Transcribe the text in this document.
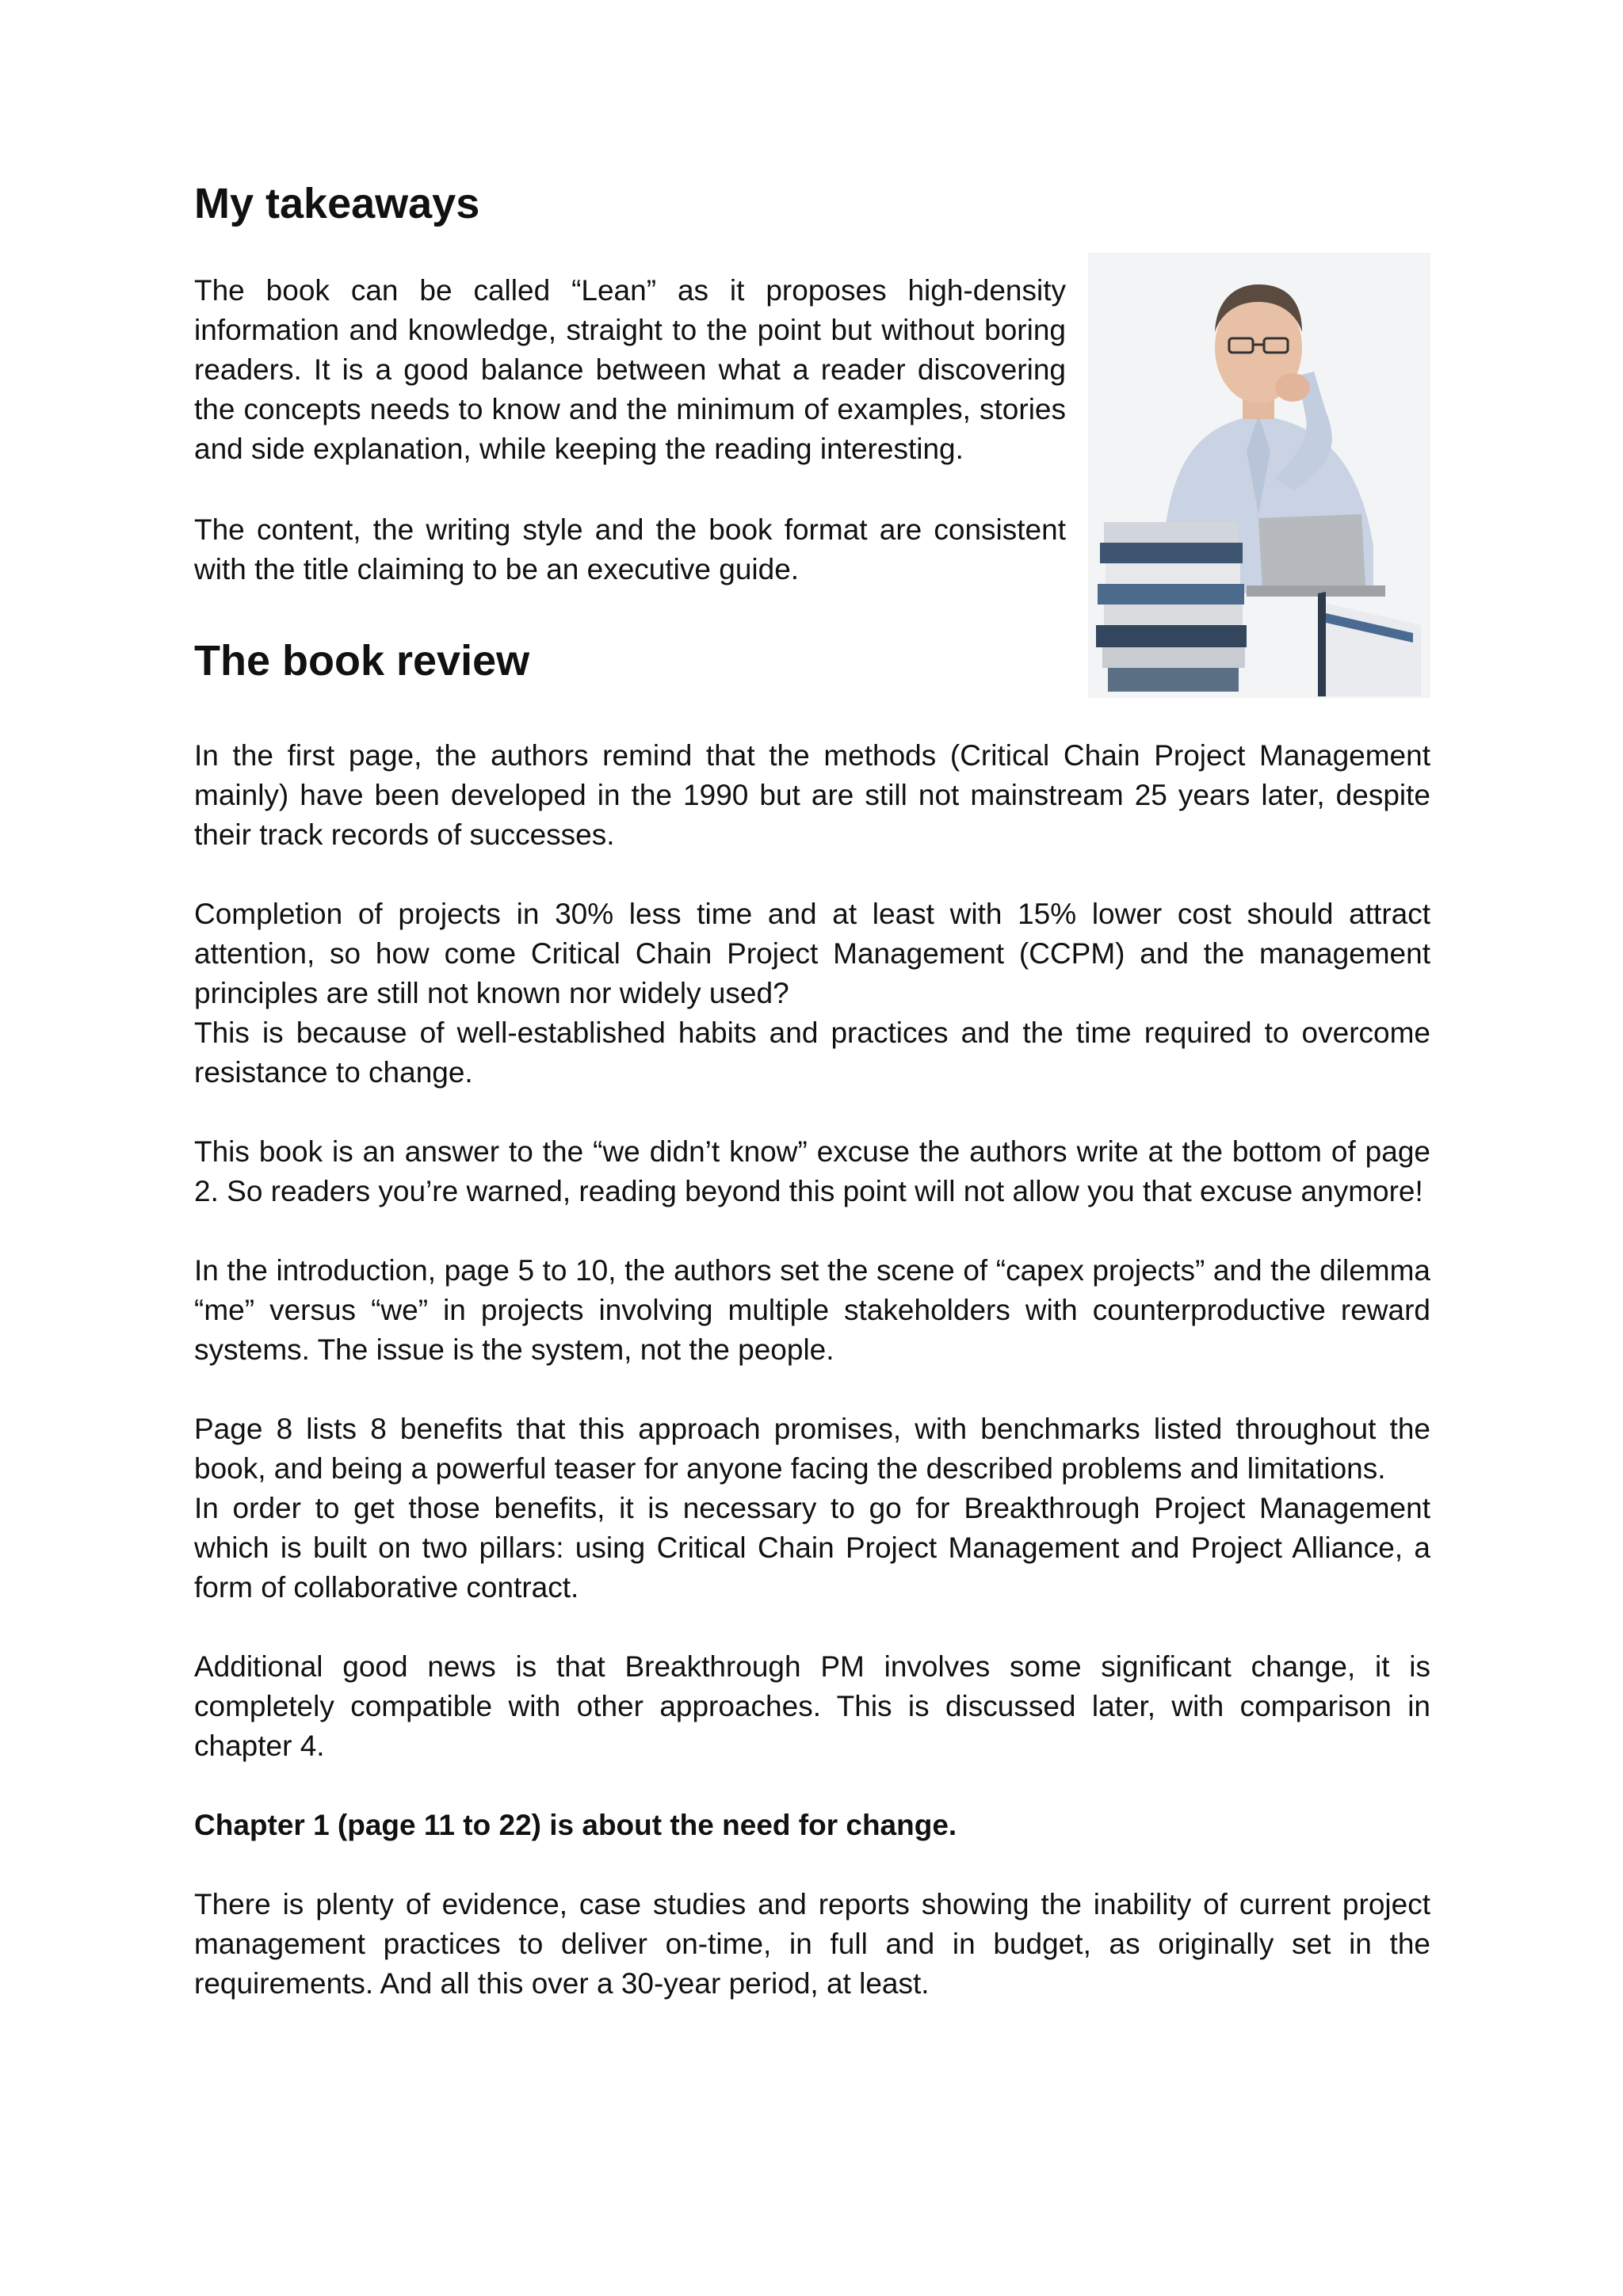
My takeaways

The book can be called “Lean” as it proposes high-density information and knowledge, straight to the point but without boring readers. It is a good balance between what a reader discovering the concepts needs to know and the minimum of examples, stories and side explanation, while keeping the reading interesting.

The content, the writing style and the book format are consistent with the title claiming to be an executive guide.

The book review

In the first page, the authors remind that the methods (Critical Chain Project Management mainly) have been developed in the 1990 but are still not mainstream 25 years later, despite their track records of successes.

Completion of projects in 30% less time and at least with 15% lower cost should attract attention, so how come Critical Chain Project Management (CCPM) and the management principles are still not known nor widely used?

This is because of well-established habits and practices and the time required to overcome resistance to change.

This book is an answer to the “we didn’t know” excuse the authors write at the bottom of page 2. So readers you’re warned, reading beyond this point will not allow you that excuse anymore!

In the introduction, page 5 to 10, the authors set the scene of “capex projects” and the dilemma “me” versus “we” in projects involving multiple stakeholders with counterproductive reward systems. The issue is the system, not the people.

Page 8 lists 8 benefits that this approach promises, with benchmarks listed throughout the book, and being a powerful teaser for anyone facing the described problems and limitations.

In order to get those benefits, it is necessary to go for Breakthrough Project Management which is built on two pillars: using Critical Chain Project Management and Project Alliance, a form of collaborative contract.

Additional good news is that Breakthrough PM involves some significant change, it is completely compatible with other approaches. This is discussed later, with comparison in chapter 4.

Chapter 1 (page 11 to 22) is about the need for change.

There is plenty of evidence, case studies and reports showing the inability of current project management practices to deliver on-time, in full and in budget, as originally set in the requirements. And all this over a 30-year period, at least.
